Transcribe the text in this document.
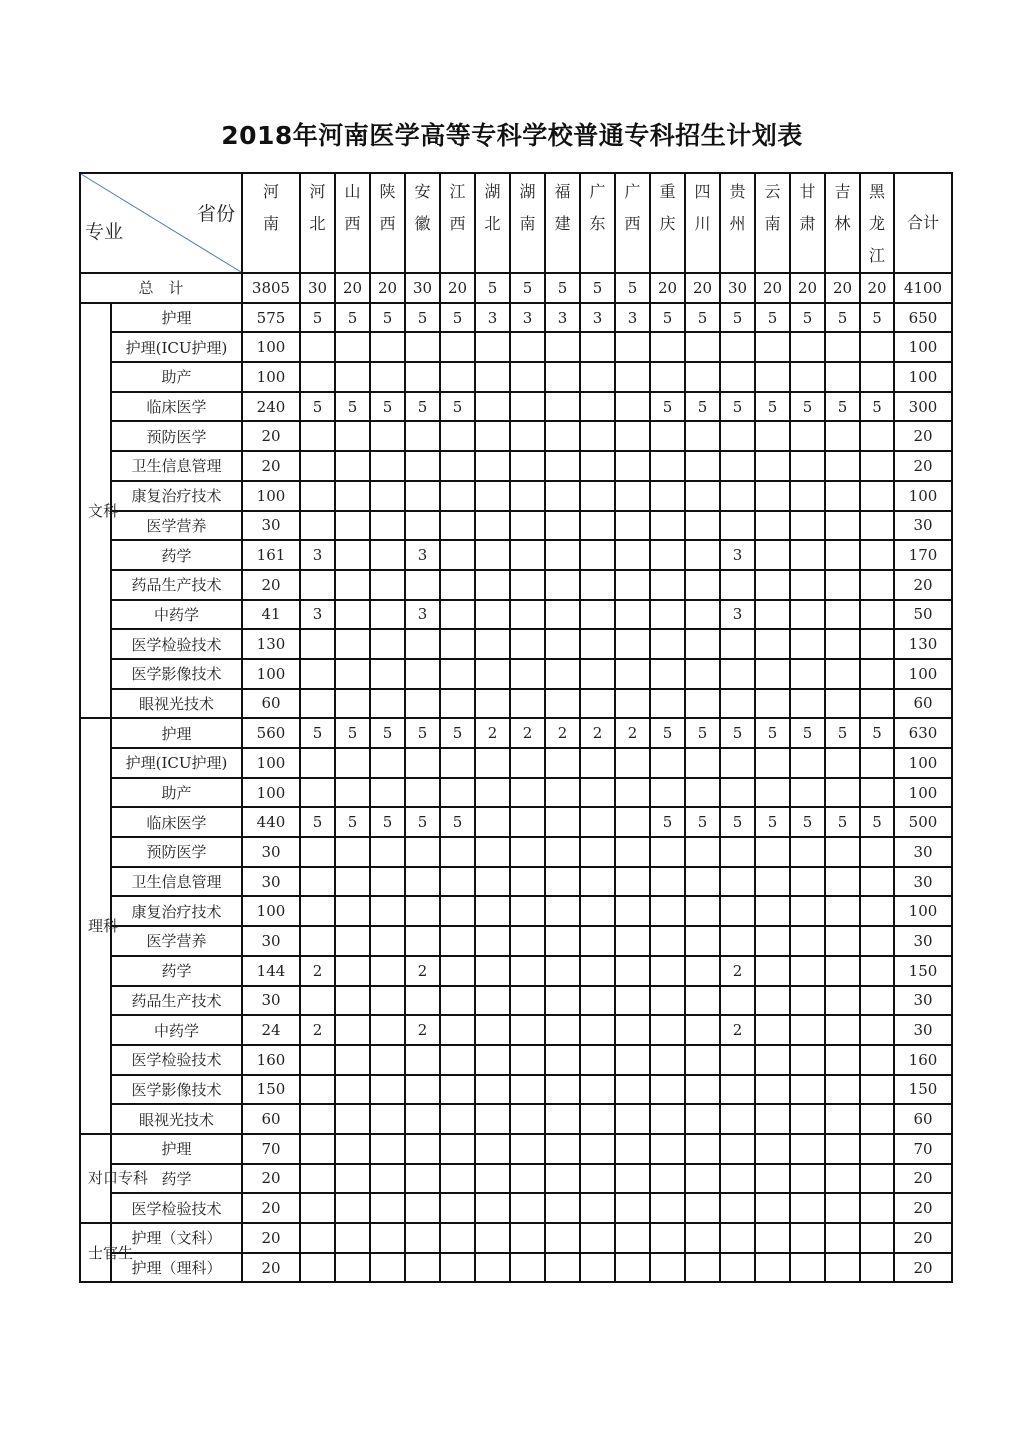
2018年河南医学高等专科学校普通专科招生计划表
省份
专业		河南	河北	山西	陕西	安徽	江西	湖北	湖南	福建	广东	广西	重庆	四川	贵州	云南	甘肃	吉林	黑龙江	合计
总　计		3805	30	20	20	30	20	5	5	5	5	5	20	20	30	20	20	20	20	4100
文科	护理	575	5	5	5	5	5	3	3	3	3	3	5	5	5	5	5	5	5	650
	护理(ICU护理)	100																		100
	助产	100																		100
	临床医学	240	5	5	5	5	5						5	5	5	5	5	5	5	300
	预防医学	20																		20
	卫生信息管理	20																		20
	康复治疗技术	100																		100
	医学营养	30																		30
	药学	161	3			3									3					170
	药品生产技术	20																		20
	中药学	41	3			3									3					50
	医学检验技术	130																		130
	医学影像技术	100																		100
	眼视光技术	60																		60
理科	护理	560	5	5	5	5	5	2	2	2	2	2	5	5	5	5	5	5	5	630
	护理(ICU护理)	100																		100
	助产	100																		100
	临床医学	440	5	5	5	5	5						5	5	5	5	5	5	5	500
	预防医学	30																		30
	卫生信息管理	30																		30
	康复治疗技术	100																		100
	医学营养	30																		30
	药学	144	2			2									2					150
	药品生产技术	30																		30
	中药学	24	2			2									2					30
	医学检验技术	160																		160
	医学影像技术	150																		150
	眼视光技术	60																		60
对口专科	护理	70																		70
	药学	20																		20
	医学检验技术	20																		20
士官生	护理（文科）	20																		20
	护理（理科）	20																		20
